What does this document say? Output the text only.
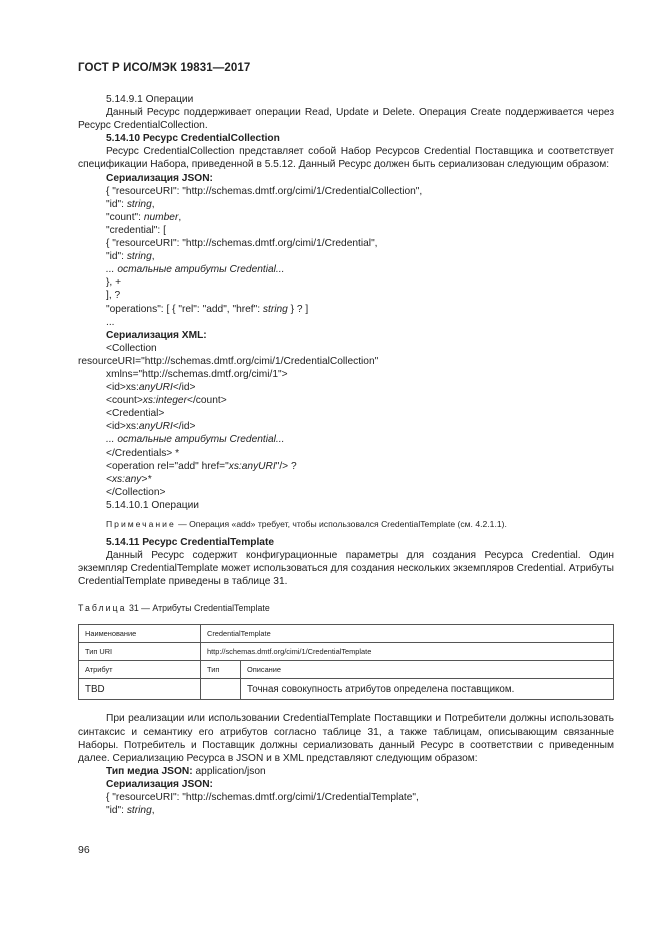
ГОСТ Р ИСО/МЭК 19831—2017

5.14.9.1 Операции

Данный Ресурс поддерживает операции Read, Update и Delete. Операция Create поддерживается через Ресурс CredentialCollection.

5.14.10 Ресурс CredentialCollection

Ресурс CredentialCollection представляет собой Набор Ресурсов Credential Поставщика и соответствует спецификации Набора, приведенной в 5.5.12. Данный Ресурс должен быть сериализован следующим образом:

Сериализация JSON:

{ "resourceURI": "http://schemas.dmtf.org/cimi/1/CredentialCollection",

"id": string,

"count": number,

"credential": [

{ "resourceURI": "http://schemas.dmtf.org/cimi/1/Credential",

"id": string,

... остальные атрибуты Credential...

}, +

], ?

"operations": [ { "rel": "add", "href": string } ? ]

...

Сериализация XML:

<Collection

resourceURI="http://schemas.dmtf.org/cimi/1/CredentialCollection"

xmlns="http://schemas.dmtf.org/cimi/1">

<id>xs:anyURI</id>

<count>xs:integer</count>

<Credential>

<id>xs:anyURI</id>

... остальные атрибуты Credential...

</Credentials> *

<operation rel="add" href="xs:anyURI"/> ?

<xs:any>*

</Collection>

5.14.10.1 Операции

Примечание — Операция «add» требует, чтобы использовался CredentialTemplate (см. 4.2.1.1).

5.14.11 Ресурс CredentialTemplate

Данный Ресурс содержит конфигурационные параметры для создания Ресурса Credential. Один экземпляр CredentialTemplate может использоваться для создания нескольких экземпляров Credential. Атрибуты CredentialTemplate приведены в таблице 31.

Таблица 31 — Атрибуты CredentialTemplate

Наименование	CredentialTemplate	
Тип URI	http://schemas.dmtf.org/cimi/1/CredentialTemplate	
Атрибут	Тип	Описание
TBD		Точная совокупность атрибутов определена поставщиком.

При реализации или использовании CredentialTemplate Поставщики и Потребители должны использовать синтаксис и семантику его атрибутов согласно таблице 31, а также таблицам, описывающим связанные Наборы. Потребитель и Поставщик должны сериализовать данный Ресурс в соответствии с приведенным далее. Сериализацию Ресурса в JSON и в XML представляют следующим образом:

Тип медиа JSON: application/json

Сериализация JSON:

{ "resourceURI": "http://schemas.dmtf.org/cimi/1/CredentialTemplate",

"id": string,

96
